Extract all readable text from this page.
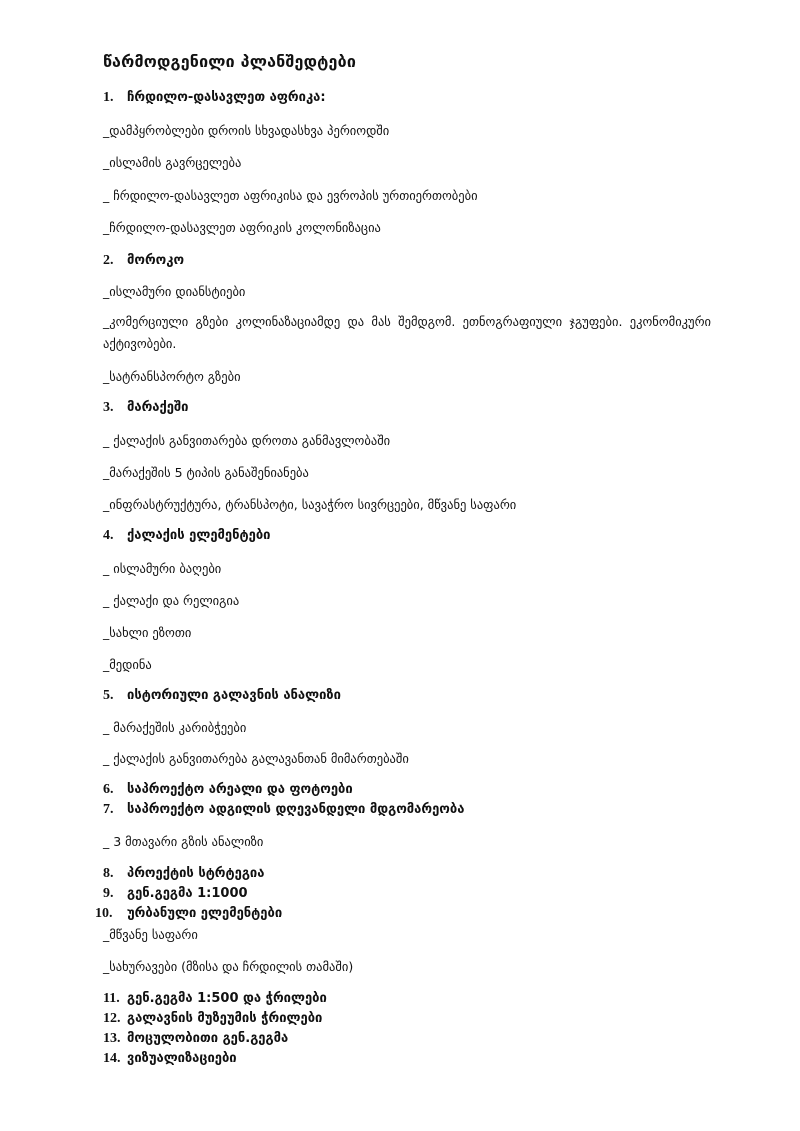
წარმოდგენილი პლანშედტები
1. ჩრდილო-დასავლეთ აფრიკა:
_დამპყრობლები დროის სხვადასხვა პერიოდში
_ისლამის გავრცელება
_ ჩრდილო-დასავლეთ აფრიკისა და ევროპის ურთიერთობები
_ჩრდილო-დასავლეთ აფრიკის კოლონიზაცია
2. მოროკო
_ისლამური დიანსტიები
_კომერციული გზები კოლინაზაციამდე და მას შემდგომ. ეთნოგრაფიული ჯგუფები. ეკონომიკური აქტივობები.
_სატრანსპორტო გზები
3. მარაქეში
_ ქალაქის განვითარება დროთა განმავლობაში
_მარაქეშის 5 ტიპის განაშენიანება
_ინფრასტრუქტურა, ტრანსპოტი, სავაჭრო სივრცეები, მწვანე საფარი
4. ქალაქის ელემენტები
_ ისლამური ბაღები
_ ქალაქი და რელიგია
_სახლი ეზოთი
_მედინა
5. ისტორიული გალავნის ანალიზი
_ მარაქეშის კარიბჭეები
_ ქალაქის განვითარება გალავანთან მიმართებაში
6. საპროექტო არეალი და ფოტოები
7. საპროექტო ადგილის დღევანდელი მდგომარეობა
_ 3 მთავარი გზის ანალიზი
8. პროექტის სტრტეგია
9. გენ.გეგმა 1:1000
10. ურბანული ელემენტები
_მწვანე საფარი
_სახურავები (მზისა და ჩრდილის თამაში)
11. გენ.გეგმა 1:500 და ჭრილები
12. გალავნის მუზეუმის ჭრილები
13. მოცულობითი გენ.გეგმა
14. ვიზუალიზაციები
